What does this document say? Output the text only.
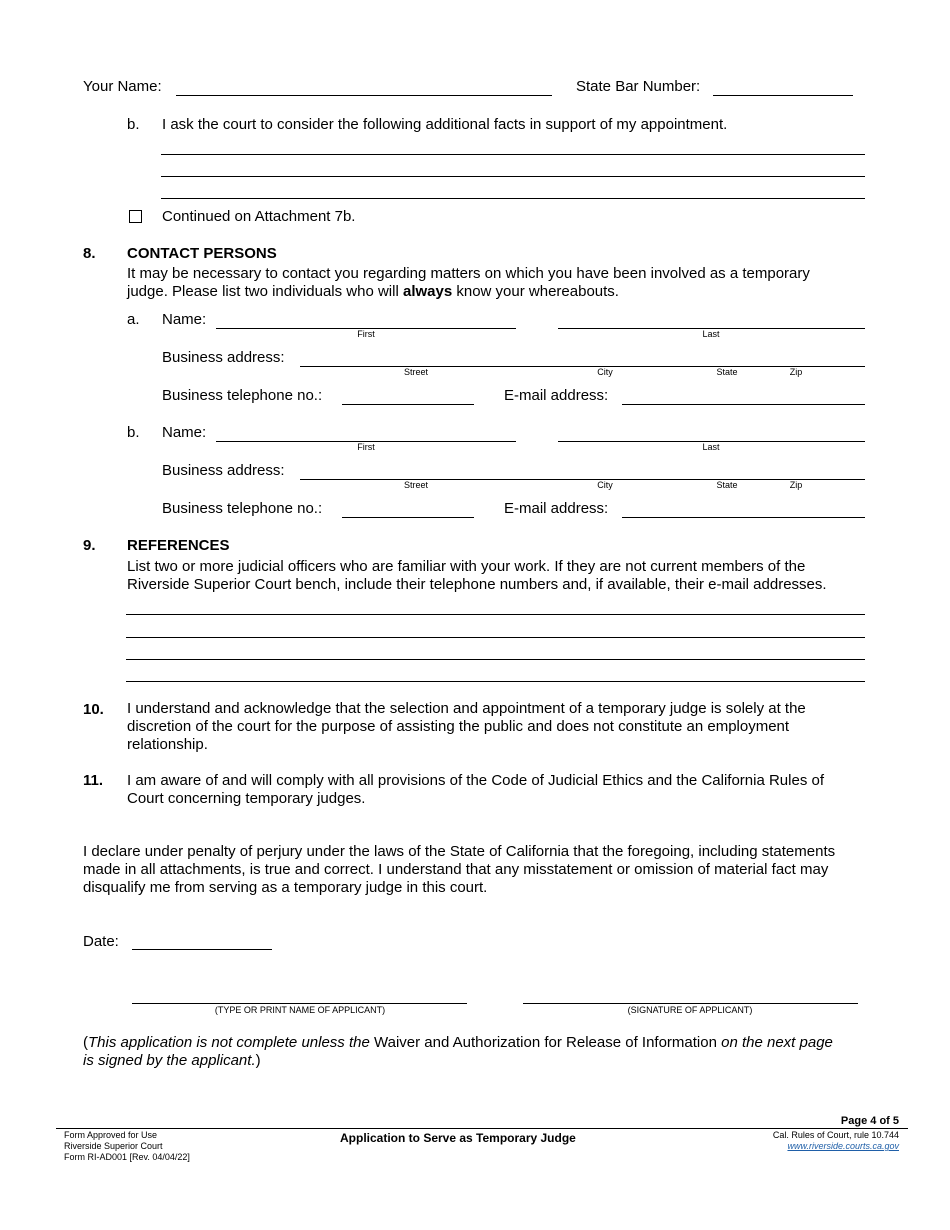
Your Name:	State Bar Number:
b. I ask the court to consider the following additional facts in support of my appointment.
Continued on Attachment 7b.
8. CONTACT PERSONS
It may be necessary to contact you regarding matters on which you have been involved as a temporary
judge. Please list two individuals who will always know your whereabouts.
a. Name:
First	Last
Business address:
Street	City	State	Zip
Business telephone no.:	E-mail address:
b. Name:
First	Last
Business address:
Street	City	State	Zip
Business telephone no.:	E-mail address:
9. REFERENCES
List two or more judicial officers who are familiar with your work. If they are not current members of the
Riverside Superior Court bench, include their telephone numbers and, if available, their e-mail addresses.
10. I understand and acknowledge that the selection and appointment of a temporary judge is solely at the
discretion of the court for the purpose of assisting the public and does not constitute an employment
relationship.
11. I am aware of and will comply with all provisions of the Code of Judicial Ethics and the California Rules of
Court concerning temporary judges.
I declare under penalty of perjury under the laws of the State of California that the foregoing, including statements
made in all attachments, is true and correct. I understand that any misstatement or omission of material fact may
disqualify me from serving as a temporary judge in this court.
Date:
(TYPE OR PRINT NAME OF APPLICANT)	(SIGNATURE OF APPLICANT)
(This application is not complete unless the Waiver and Authorization for Release of Information on the next page
is signed by the applicant.)
Page 4 of 5
Form Approved for Use
Riverside Superior Court
Form RI-AD001 [Rev. 04/04/22]
Application to Serve as Temporary Judge	Cal. Rules of Court, rule 10.744
www.riverside.courts.ca.gov
